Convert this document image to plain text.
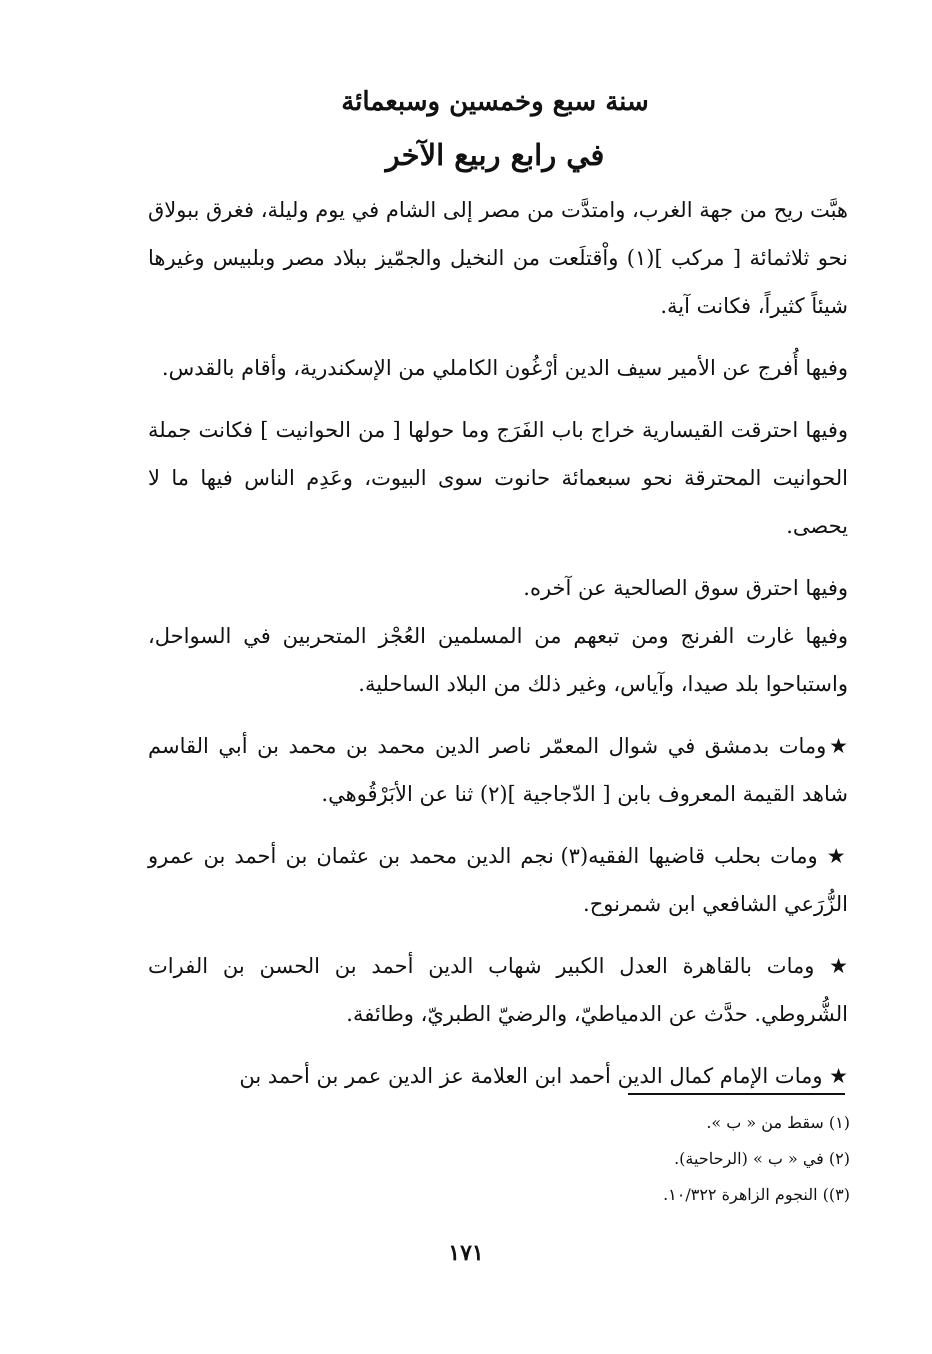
سنة سبع وخمسين وسبعمائة
في رابع ربيع الآخر

هبَّت ريح من جهة الغرب، وامتدَّت من مصر إلى الشام في يوم وليلة، فغرق ببولاق نحو ثلاثمائة [ مركب ](١) واْقتلَعت من النخيل والجمّيز ببلاد مصر وبلبيس وغيرها شيئاً كثيراً، فكانت آية.

وفيها أُفرج عن الأمير سيف الدين أرْغُون الكاملي من الإسكندرية، وأقام بالقدس.

وفيها احترقت القيسارية خراج باب الفَرَج وما حولها [ من الحوانيت ] فكانت جملة الحوانيت المحترقة نحو سبعمائة حانوت سوى البيوت، وعَدِم الناس فيها ما لا يحصى.

وفيها احترق سوق الصالحية عن آخره.

وفيها غارت الفرنج ومن تبعهم من المسلمين العُجْز المتحربين في السواحل، واستباحوا بلد صيدا، وآياس، وغير ذلك من البلاد الساحلية.

★ومات بدمشق في شوال المعمّر ناصر الدين محمد بن محمد بن أبي القاسم شاهد القيمة المعروف بابن [ الدّجاجية ](٢) ثنا عن الأبَرْقُوهي.

★ ومات بحلب قاضيها الفقيه(٣) نجم الدين محمد بن عثمان بن أحمد بن عمرو الزُّرَعي الشافعي ابن شمرنوح.

★ ومات بالقاهرة العدل الكبير شهاب الدين أحمد بن الحسن بن الفرات الشُّروطي. حدَّث عن الدمياطيّ، والرضيّ الطبريّ، وطائفة.

★ ومات الإمام كمال الدين أحمد ابن العلامة عز الدين عمر بن أحمد بن

(١) سقط من « ب ».
(٢) في « ب » (الرحاحية).
(٣)) النجوم الزاهرة ١٠/٣٢٢.
١٧١
